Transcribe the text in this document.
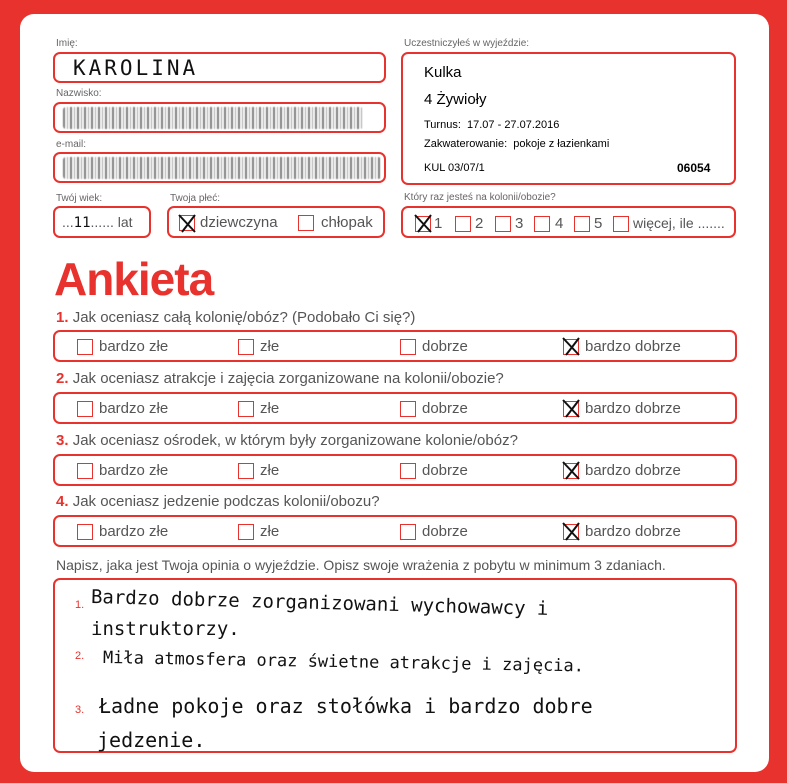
Imię:
KAROLINA
Nazwisko:
e-mail:
Twój wiek:
...11...... lat
Twoja płeć:
dziewczyna	chłopak
Uczestniczyłeś w wyjeździe:
Kulka
4 Żywioły
Turnus: 17.07 - 27.07.2016
Zakwaterowanie: pokoje z łazienkami
KUL 03/07/1	06054
Który raz jesteś na kolonii/obozie?
1 2 3 4 5 więcej, ile .......
Ankieta
1. Jak oceniasz całą kolonię/obóz? (Podobało Ci się?)
bardzo złe	złe	dobrze	bardzo dobrze
2. Jak oceniasz atrakcje i zajęcia zorganizowane na kolonii/obozie?
bardzo złe	złe	dobrze	bardzo dobrze
3. Jak oceniasz ośrodek, w którym były zorganizowane kolonie/obóz?
bardzo złe	złe	dobrze	bardzo dobrze
4. Jak oceniasz jedzenie podczas kolonii/obozu?
bardzo złe	złe	dobrze	bardzo dobrze
Napisz, jaka jest Twoja opinia o wyjeździe. Opisz swoje wrażenia z pobytu w minimum 3 zdaniach.
1.
2.
3.
Bardzo dobrze zorganizowani wychowawcy i
instruktorzy.
Miła atmosfera oraz świetne atrakcje i zajęcia.
Ładne pokoje oraz stołówka i bardzo dobre
jedzenie.
